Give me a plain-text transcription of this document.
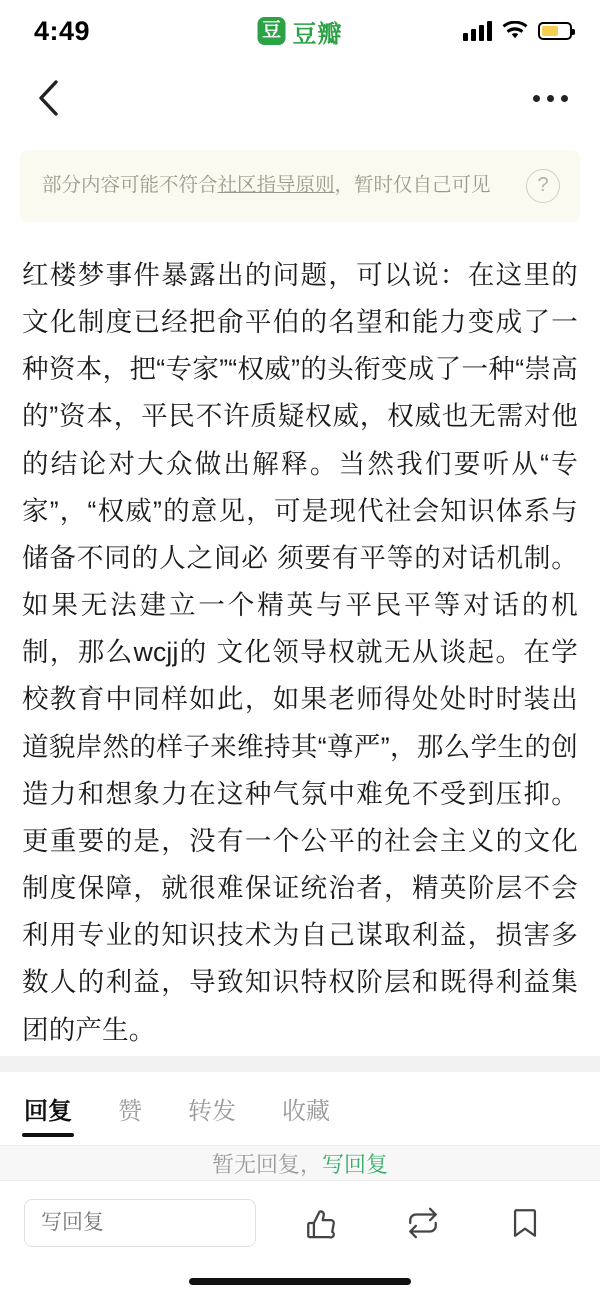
4:49	豆 豆瓣
部分内容可能不符合社区指导原则，暂时仅自己可见	?
红楼梦事件暴露出的问题，可以说：在这里的文化制度已经把俞平伯的名望和能力变成了一种资本，把“专家”“权威”的头衔变成了一种“崇高的”资本，平民不许质疑权威，权威也无需对他的结论对大众做出解释。当然我们要听从“专家”，“权威”的意见，可是现代社会知识体系与储备不同的人之间必 须要有平等的对话机制。如果无法建立一个精英与平民平等对话的机制，那么wcjj的 文化领导权就无从谈起。在学校教育中同样如此，如果老师得处处时时装出道貌岸然的样子来维持其“尊严”，那么学生的创造力和想象力在这种气氛中难免不受到压抑。更重要的是，没有一个公平的社会主义的文化制度保障，就很难保证统治者，精英阶层不会利用专业的知识技术为自己谋取利益，损害多数人的利益，导致知识特权阶层和既得利益集团的产生。
回复 赞 转发 收藏
暂无回复，写回复
写回复
